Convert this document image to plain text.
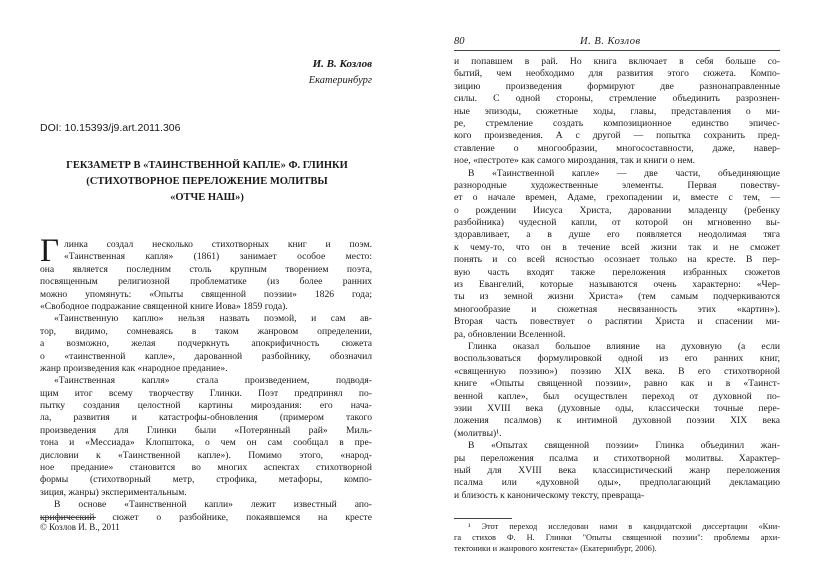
И. В. Козлов
Екатеринбург
DOI: 10.15393/j9.art.2011.306
ГЕКЗАМЕТР В «ТАИНСТВЕННОЙ КАПЛЕ» Ф. ГЛИНКИ
(СТИХОТВОРНОЕ ПЕРЕЛОЖЕНИЕ МОЛИТВЫ
«ОТЧЕ НАШ»)
Г линка создал несколько стихотворных книг и поэм.
«Таинственная капля» (1861) занимает особое место:
она является последним столь крупным творением поэта,
посвященным религиозной проблематике (из более ранних
можно упомянуть: «Опыты священной поэзии» 1826 года;
«Свободное подражание священной книге Иова» 1859 года).
«Таинственную каплю» нельзя назвать поэмой, и сам ав-
тор, видимо, сомневаясь в таком жанровом определении,
а возможно, желая подчеркнуть апокрифичность сюжета
о «таинственной капле», дарованной разбойнику, обозначил
жанр произведения как «народное предание».
«Таинственная капля» стала произведением, подводя-
щим итог всему творчеству Глинки. Поэт предпринял по-
пытку создания целостной картины мироздания: его нача-
ла, развития и катастрофы-обновления (примером такого
произведения для Глинки были «Потерянный рай» Миль-
тона и «Мессиада» Клопштока, о чем он сам сообщал в пре-
дисловии к «Таинственной капле»). Помимо этого, «народ-
ное предание» становится во многих аспектах стихотворной
формы (стихотворный метр, строфика, метафоры, компо-
зиция, жанры) экспериментальным.
В основе «Таинственной капли» лежит известный апо-
крифический сюжет о разбойнике, покаявшемся на кресте
© Козлов И. В., 2011
80	И. В. Козлов
и попавшем в рай. Но книга включает в себя больше со-
бытий, чем необходимо для развития этого сюжета. Компо-
зицию произведения формируют две разнонаправленные
силы. С одной стороны, стремление объединить разрознен-
ные эпизоды, сюжетные ходы, главы, представления о ми-
ре, стремление создать композиционное единство эпичес-
кого произведения. А с другой — попытка сохранить пред-
ставление о многообразии, многосоставности, даже, навер-
ное, «пестроте» как самого мироздания, так и книги о нем.
В «Таинственной капле» — две части, объединяющие
разнородные художественные элементы. Первая повеству-
ет о начале времен, Адаме, грехопадении и, вместе с тем, —
о рождении Иисуса Христа, даровании младенцу (ребенку
разбойника) чудесной капли, от которой он мгновенно вы-
здоравливает, а в душе его появляется неодолимая тяга
к чему-то, что он в течение всей жизни так и не сможет
понять и со всей ясностью осознает только на кресте. В пер-
вую часть входят также переложения избранных сюжетов
из Евангелий, которые называются очень характерно: «Чер-
ты из земной жизни Христа» (тем самым подчеркиваются
многообразие и сюжетная несвязанность этих «картин»).
Вторая часть повествует о распятии Христа и спасении ми-
ра, обновлении Вселенной.
Глинка оказал большое влияние на духовную (а если
воспользоваться формулировкой одной из его ранних книг,
«священную поэзию») поэзию XIX века. В его стихотворной
книге «Опыты священной поэзии», равно как и в «Таинст-
венной капле», был осуществлен переход от духовной по-
эзии XVIII века (духовные оды, классически точные пере-
ложения псалмов) к интимной духовной поэзии XIX века
(молитвы)¹.
В «Опытах священной поэзии» Глинка объединил жан-
ры переложения псалма и стихотворной молитвы. Характер-
ный для XVIII века классицистический жанр переложения
псалма или «духовной оды», предполагающий декламацию
и близость к каноническому тексту, превраща-
¹ Этот переход исследован нами в кандидатской диссертации «Кни-
га стихов Ф. Н. Глинки "Опыты священной поэзии": проблемы архи-
тектоники и жанрового контекста» (Екатеринбург, 2006).
